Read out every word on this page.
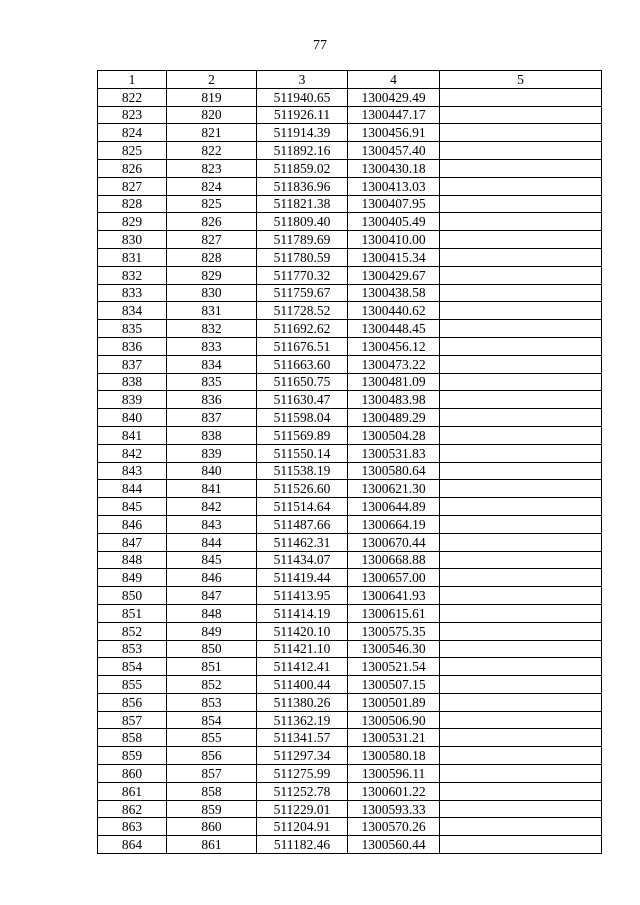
77
1	2	3	4	5
822	819	511940.65	1300429.49	
823	820	511926.11	1300447.17	
824	821	511914.39	1300456.91	
825	822	511892.16	1300457.40	
826	823	511859.02	1300430.18	
827	824	511836.96	1300413.03	
828	825	511821.38	1300407.95	
829	826	511809.40	1300405.49	
830	827	511789.69	1300410.00	
831	828	511780.59	1300415.34	
832	829	511770.32	1300429.67	
833	830	511759.67	1300438.58	
834	831	511728.52	1300440.62	
835	832	511692.62	1300448.45	
836	833	511676.51	1300456.12	
837	834	511663.60	1300473.22	
838	835	511650.75	1300481.09	
839	836	511630.47	1300483.98	
840	837	511598.04	1300489.29	
841	838	511569.89	1300504.28	
842	839	511550.14	1300531.83	
843	840	511538.19	1300580.64	
844	841	511526.60	1300621.30	
845	842	511514.64	1300644.89	
846	843	511487.66	1300664.19	
847	844	511462.31	1300670.44	
848	845	511434.07	1300668.88	
849	846	511419.44	1300657.00	
850	847	511413.95	1300641.93	
851	848	511414.19	1300615.61	
852	849	511420.10	1300575.35	
853	850	511421.10	1300546.30	
854	851	511412.41	1300521.54	
855	852	511400.44	1300507.15	
856	853	511380.26	1300501.89	
857	854	511362.19	1300506.90	
858	855	511341.57	1300531.21	
859	856	511297.34	1300580.18	
860	857	511275.99	1300596.11	
861	858	511252.78	1300601.22	
862	859	511229.01	1300593.33	
863	860	511204.91	1300570.26	
864	861	511182.46	1300560.44	
